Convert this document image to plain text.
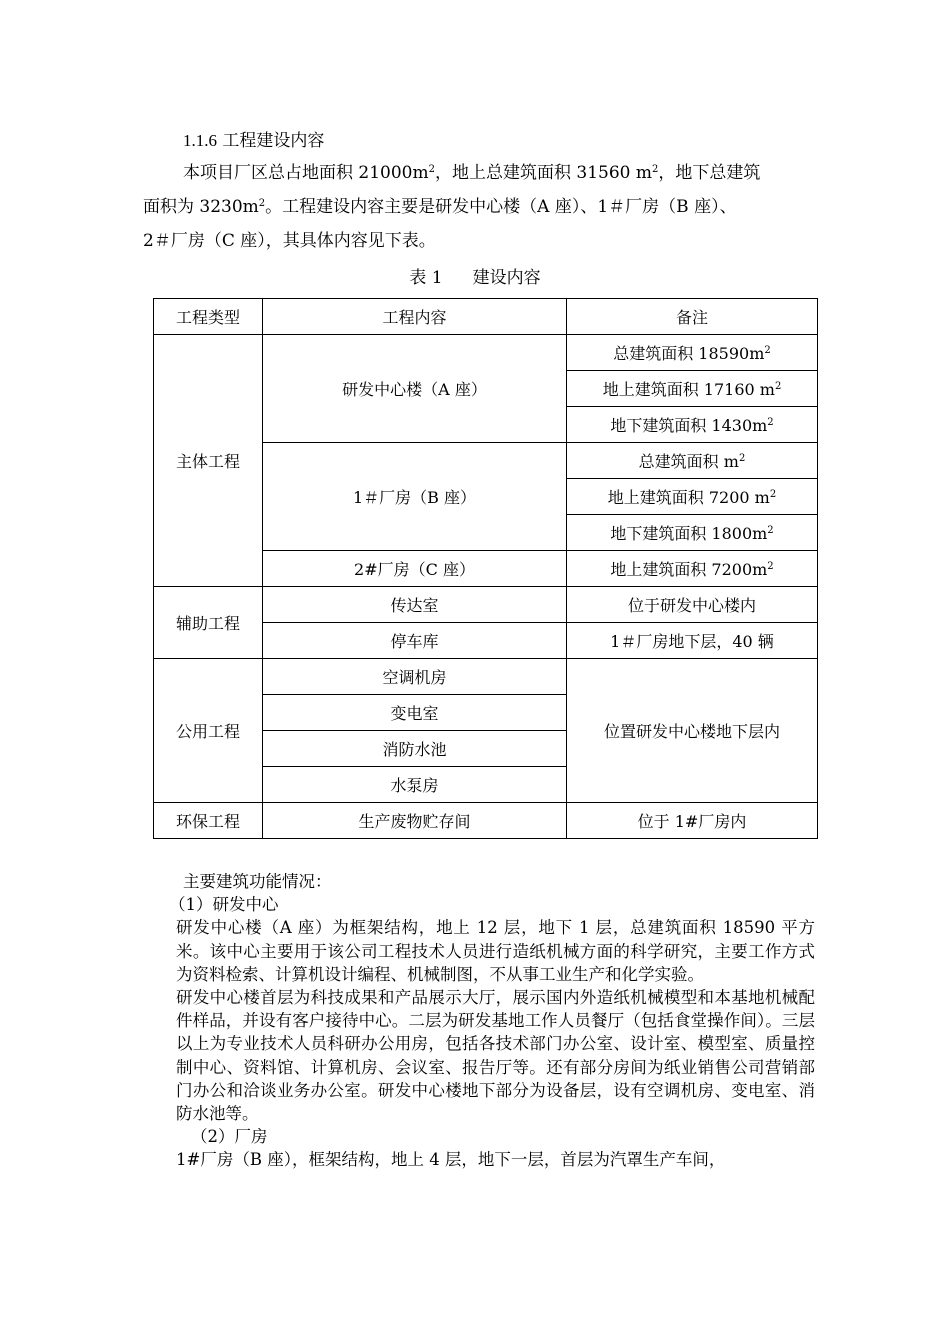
1.1.6 工程建设内容
本项目厂区总占地面积 $21000m^2$，地上总建筑面积 31560 $m^2$，地下总建筑
面积为 $3230m^2$。工程建设内容主要是研发中心楼（A 座）、1＃厂房（B 座）、
2＃厂房（C 座），其具体内容见下表。
表 1 建设内容
工程类型	工程内容	备注
主体工程	研发中心楼（A 座）	总建筑面积 $18590m^2$
		地上建筑面积 17160 $m^2$
		地下建筑面积 $1430m^2$
	1＃厂房（B 座）	总建筑面积 $m^2$
		地上建筑面积 7200 $m^2$
		地下建筑面积 $1800m^2$
	2#厂房（C 座）	地上建筑面积 $7200m^2$
辅助工程	传达室	位于研发中心楼内
	停车库	1＃厂房地下层，40 辆
公用工程	空调机房	位置研发中心楼地下层内
	变电室	
	消防水池	
	水泵房	
环保工程	生产废物贮存间	位于 1#厂房内

主要建筑功能情况：

（1）研发中心

研发中心楼（A 座）为框架结构，地上 12 层，地下 1 层，总建筑面积 18590 平方米。该中心主要用于该公司工程技术人员进行造纸机械方面的科学研究，主要工作方式为资料检索、计算机设计编程、机械制图，不从事工业生产和化学实验。

研发中心楼首层为科技成果和产品展示大厅，展示国内外造纸机械模型和本基地机械配件样品，并设有客户接待中心。二层为研发基地工作人员餐厅（包括食堂操作间）。三层以上为专业技术人员科研办公用房，包括各技术部门办公室、设计室、模型室、质量控制中心、资料馆、计算机房、会议室、报告厅等。还有部分房间为纸业销售公司营销部门办公和洽谈业务办公室。研发中心楼地下部分为设备层，设有空调机房、变电室、消防水池等。

（2）厂房

1#厂房（B 座），框架结构，地上 4 层，地下一层，首层为汽罩生产车间，
